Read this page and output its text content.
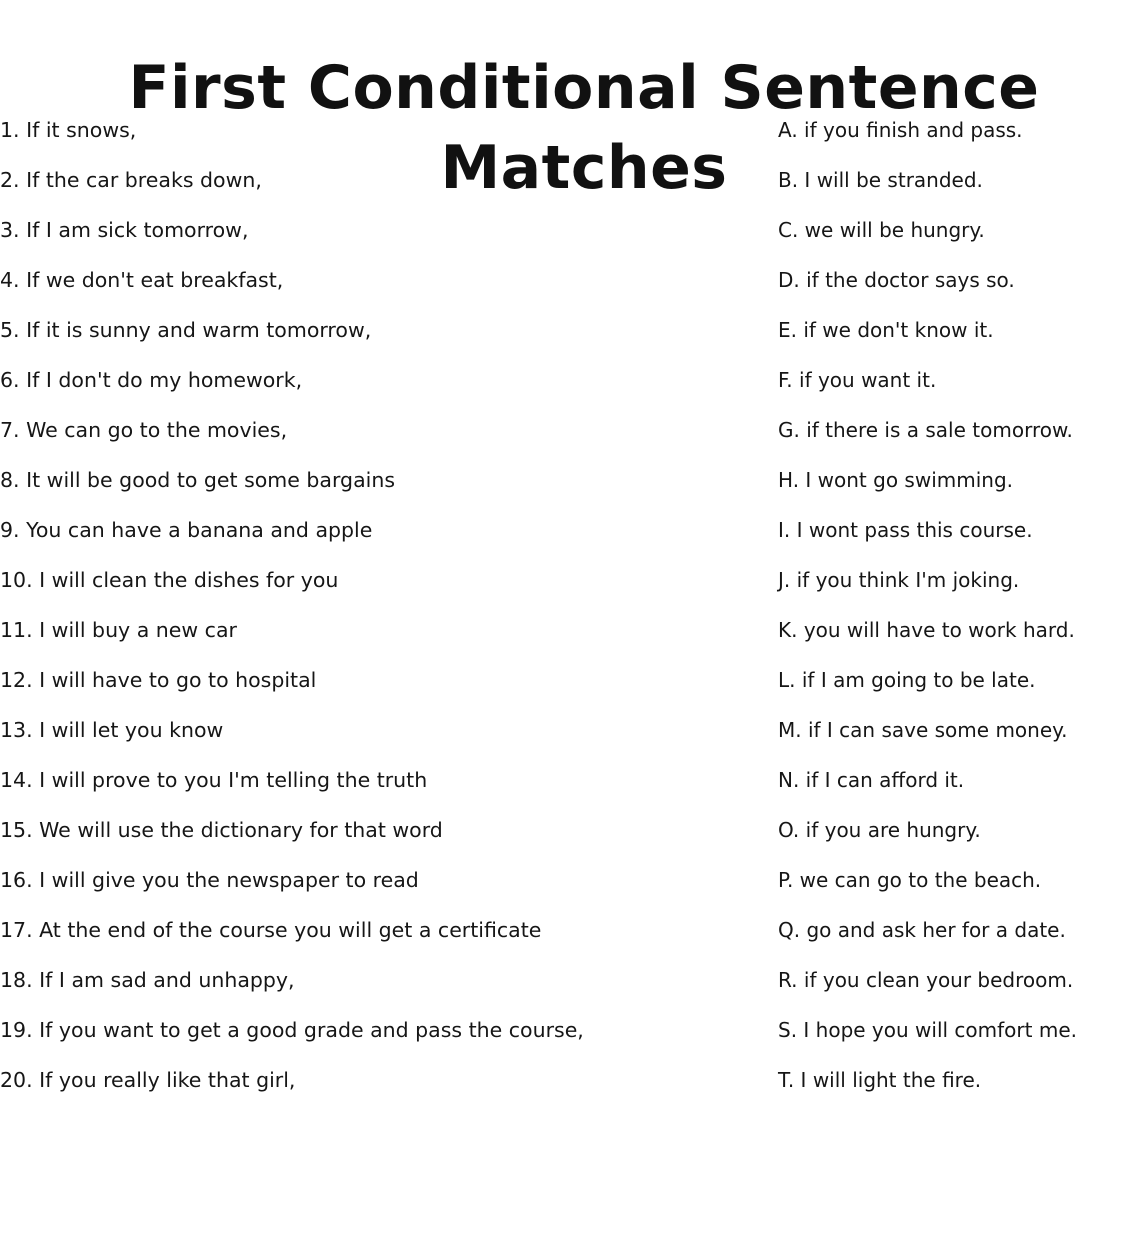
First Conditional Sentence Matches
1. If it snows,
2. If the car breaks down,
3. If I am sick tomorrow,
4. If we don't eat breakfast,
5. If it is sunny and warm tomorrow,
6. If I don't do my homework,
7. We can go to the movies,
8. It will be good to get some bargains
9. You can have a banana and apple
10. I will clean the dishes for you
11. I will buy a new car
12. I will have to go to hospital
13. I will let you know
14. I will prove to you I'm telling the truth
15. We will use the dictionary for that word
16. I will give you the newspaper to read
17. At the end of the course you will get a certificate
18. If I am sad and unhappy,
19. If you want to get a good grade and pass the course,
20. If you really like that girl,
A. if you finish and pass.
B. I will be stranded.
C. we will be hungry.
D. if the doctor says so.
E. if we don't know it.
F. if you want it.
G. if there is a sale tomorrow.
H. I wont go swimming.
I. I wont pass this course.
J. if you think I'm joking.
K. you will have to work hard.
L. if I am going to be late.
M. if I can save some money.
N. if I can afford it.
O. if you are hungry.
P. we can go to the beach.
Q. go and ask her for a date.
R. if you clean your bedroom.
S. I hope you will comfort me.
T. I will light the fire.
